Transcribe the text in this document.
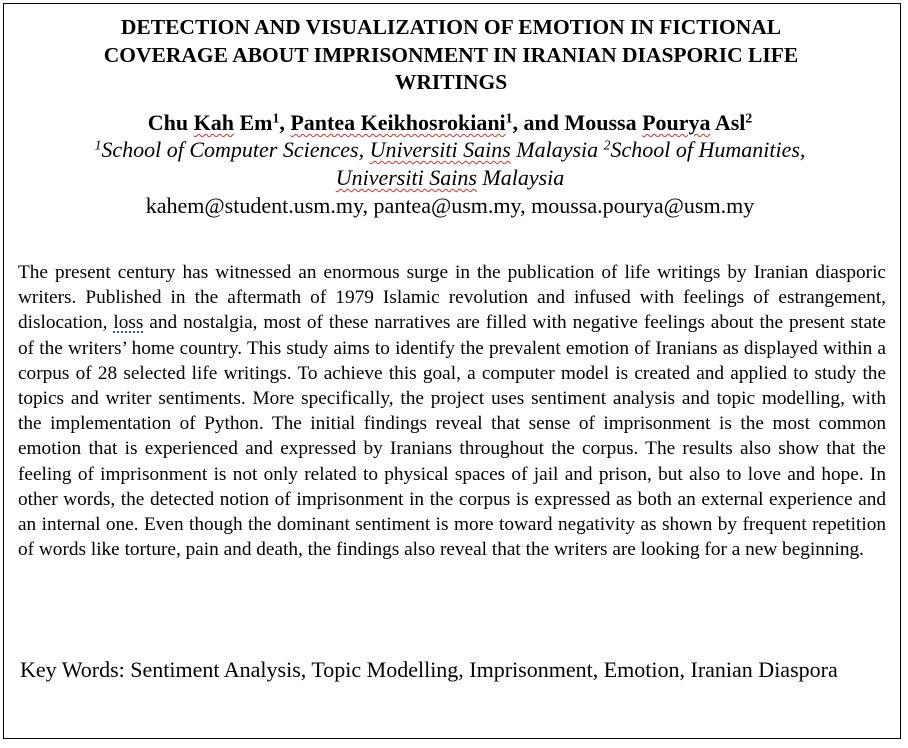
DETECTION AND VISUALIZATION OF EMOTION IN FICTIONAL
COVERAGE ABOUT IMPRISONMENT IN IRANIAN DIASPORIC LIFE
WRITINGS

Chu Kah Em$^1$, Pantea Keikhosrokiani$^1$, and Moussa Pourya Asl$^2$

$^1$School of Computer Sciences, Universiti Sains Malaysia $^2$School of Humanities,
Universiti Sains Malaysia

kahem@student.usm.my, pantea@usm.my, moussa.pourya@usm.my

The present century has witnessed an enormous surge in the publication of life writings by Iranian diasporic writers. Published in the aftermath of 1979 Islamic revolution and infused with feelings of estrangement, dislocation, loss and nostalgia, most of these narratives are filled with negative feelings about the present state of the writers’ home country. This study aims to identify the prevalent emotion of Iranians as displayed within a corpus of 28 selected life writings. To achieve this goal, a computer model is created and applied to study the topics and writer sentiments. More specifically, the project uses sentiment analysis and topic modelling, with the implementation of Python. The initial findings reveal that sense of imprisonment is the most common emotion that is experienced and expressed by Iranians throughout the corpus. The results also show that the feeling of imprisonment is not only related to physical spaces of jail and prison, but also to love and hope. In other words, the detected notion of imprisonment in the corpus is expressed as both an external experience and an internal one. Even though the dominant sentiment is more toward negativity as shown by frequent repetition of words like torture, pain and death, the findings also reveal that the writers are looking for a new beginning.

Key Words: Sentiment Analysis, Topic Modelling, Imprisonment, Emotion, Iranian Diaspora
